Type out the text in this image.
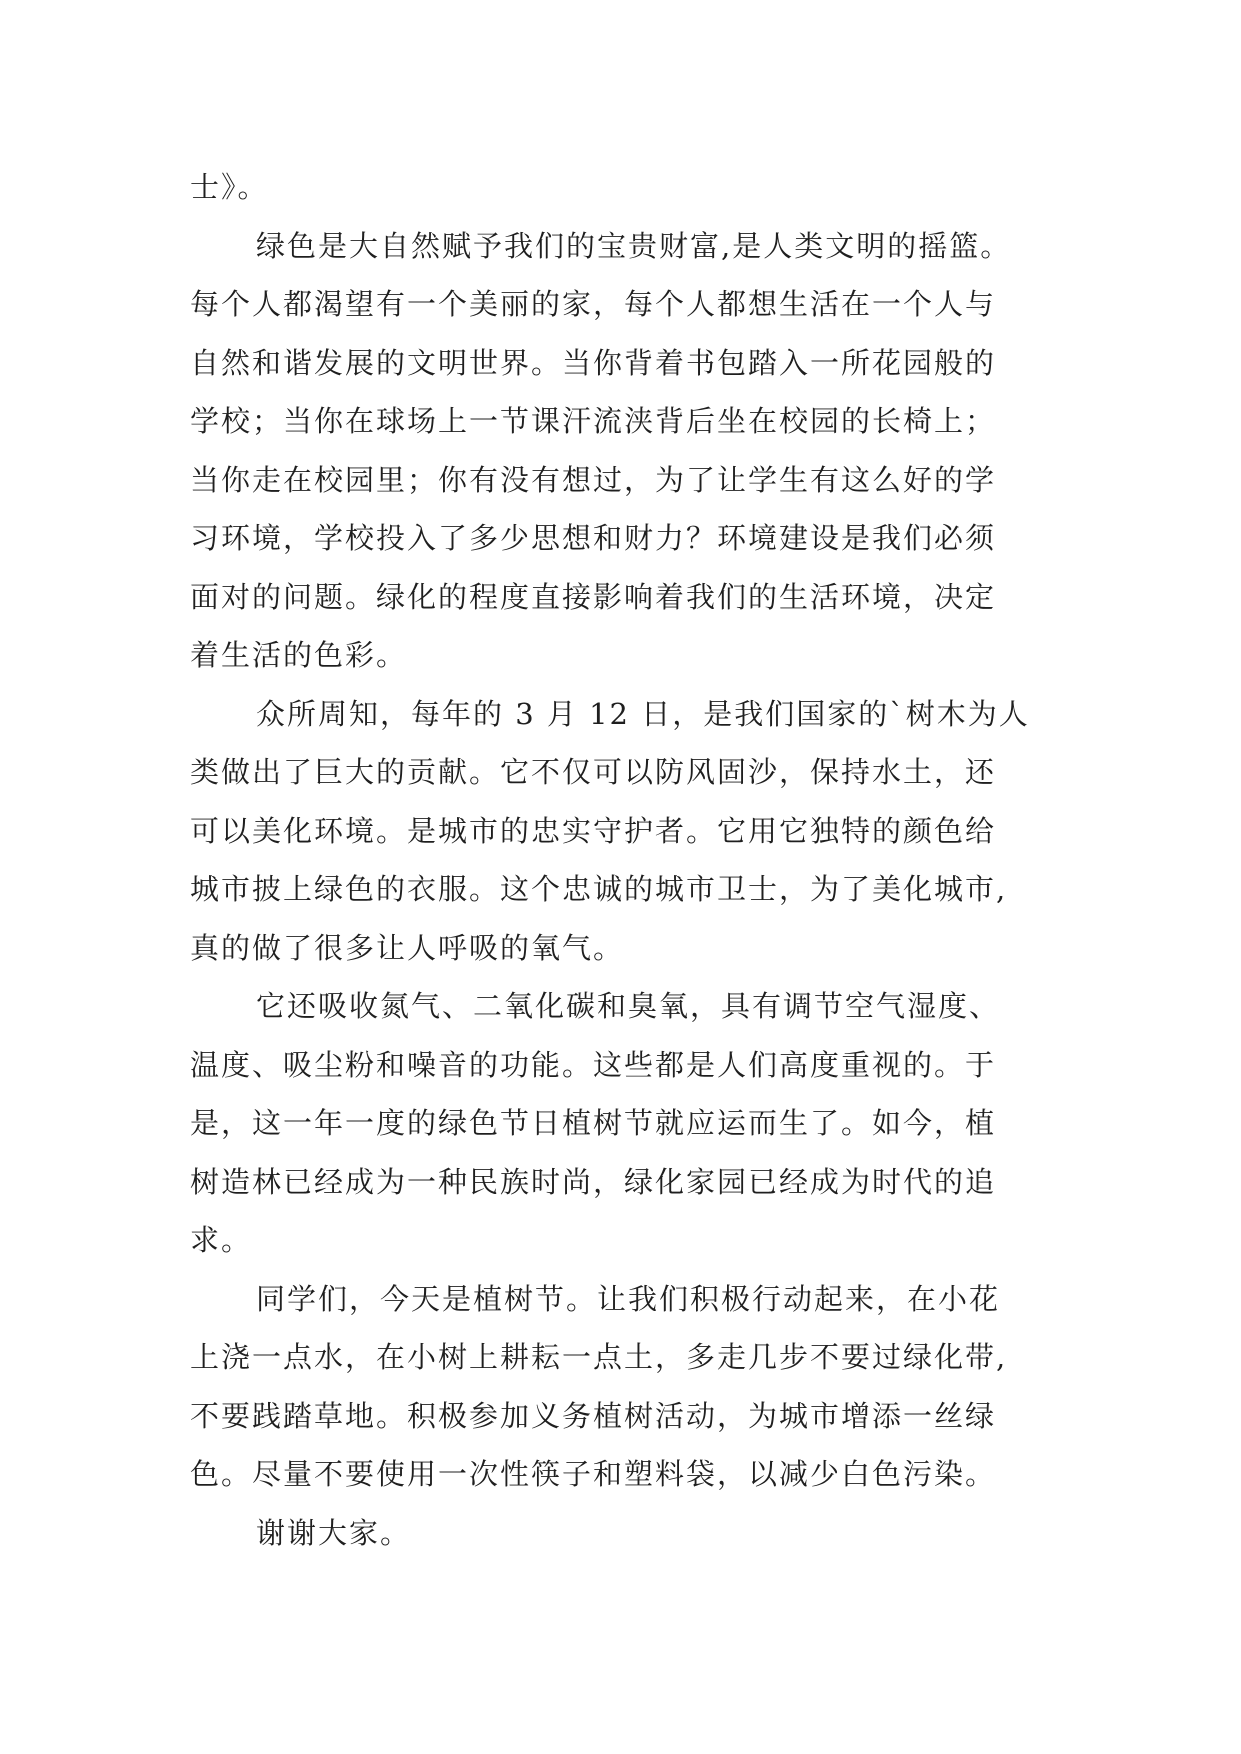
士》。

绿色是大自然赋予我们的宝贵财富,是人类文明的摇篮。

每个人都渴望有一个美丽的家，每个人都想生活在一个人与

自然和谐发展的文明世界。当你背着书包踏入一所花园般的

学校；当你在球场上一节课汗流浃背后坐在校园的长椅上；

当你走在校园里；你有没有想过，为了让学生有这么好的学

习环境，学校投入了多少思想和财力？环境建设是我们必须

面对的问题。绿化的程度直接影响着我们的生活环境，决定

着生活的色彩。

众所周知，每年的 3 月 12 日，是我们国家的`树木为人

类做出了巨大的贡献。它不仅可以防风固沙，保持水土，还

可以美化环境。是城市的忠实守护者。它用它独特的颜色给

城市披上绿色的衣服。这个忠诚的城市卫士，为了美化城市,

真的做了很多让人呼吸的氧气。

它还吸收氮气、二氧化碳和臭氧，具有调节空气湿度、

温度、吸尘粉和噪音的功能。这些都是人们高度重视的。于

是，这一年一度的绿色节日植树节就应运而生了。如今，植

树造林已经成为一种民族时尚，绿化家园已经成为时代的追

求。

同学们，今天是植树节。让我们积极行动起来，在小花

上浇一点水，在小树上耕耘一点土，多走几步不要过绿化带,

不要践踏草地。积极参加义务植树活动，为城市增添一丝绿

色。尽量不要使用一次性筷子和塑料袋，以减少白色污染。

谢谢大家。
